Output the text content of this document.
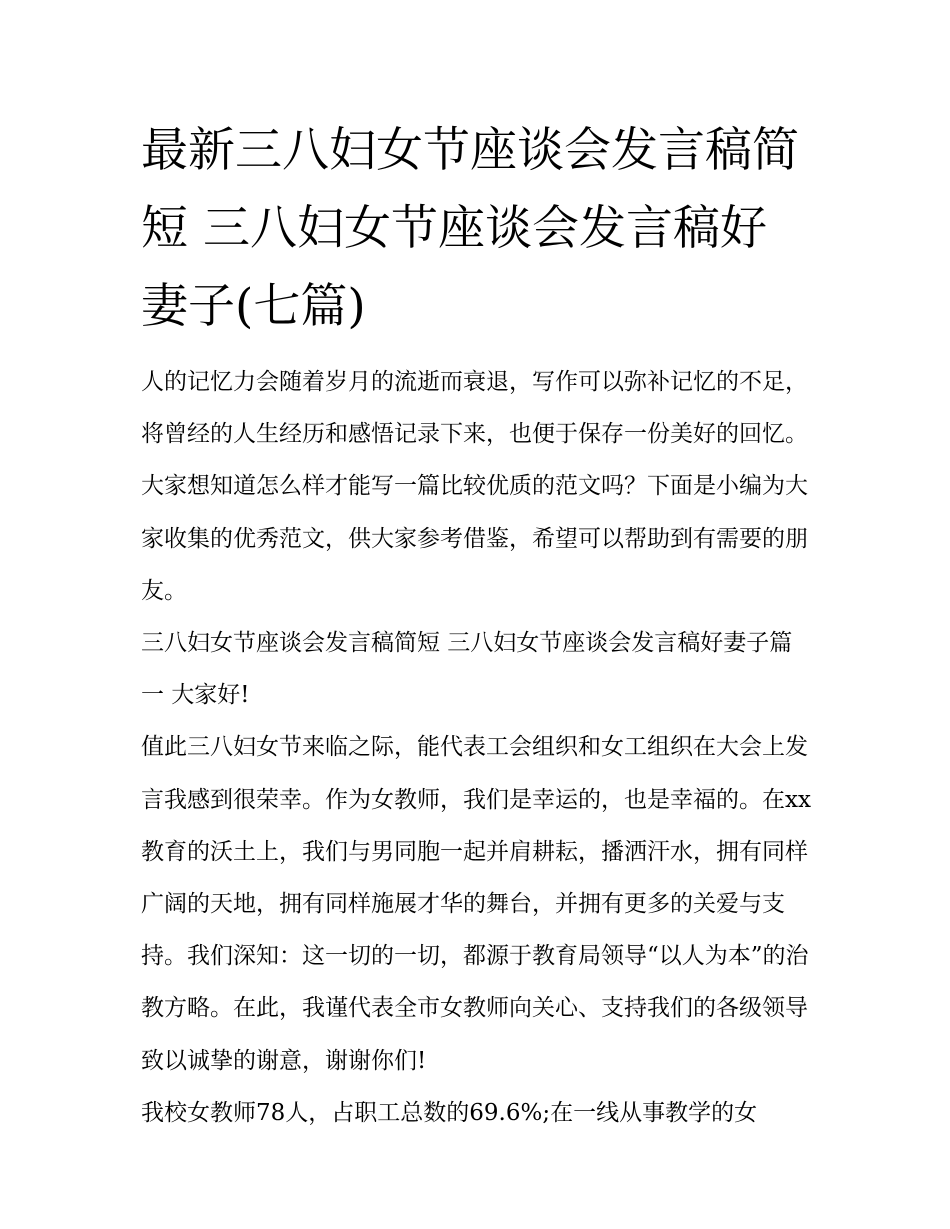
最新三八妇女节座谈会发言稿简短 三八妇女节座谈会发言稿好妻子(七篇)

人的记忆力会随着岁月的流逝而衰退，写作可以弥补记忆的不足，将曾经的人生经历和感悟记录下来，也便于保存一份美好的回忆。大家想知道怎么样才能写一篇比较优质的范文吗？下面是小编为大家收集的优秀范文，供大家参考借鉴，希望可以帮助到有需要的朋友。

三八妇女节座谈会发言稿简短 三八妇女节座谈会发言稿好妻子篇一 大家好!

值此三八妇女节来临之际，能代表工会组织和女工组织在大会上发言我感到很荣幸。作为女教师，我们是幸运的，也是幸福的。在xx教育的沃土上，我们与男同胞一起并肩耕耘，播洒汗水，拥有同样广阔的天地，拥有同样施展才华的舞台，并拥有更多的关爱与支持。我们深知：这一切的一切，都源于教育局领导“以人为本”的治教方略。在此，我谨代表全市女教师向关心、支持我们的各级领导致以诚挚的谢意，谢谢你们!

我校女教师78人，占职工总数的69.6%;在一线从事教学的女
